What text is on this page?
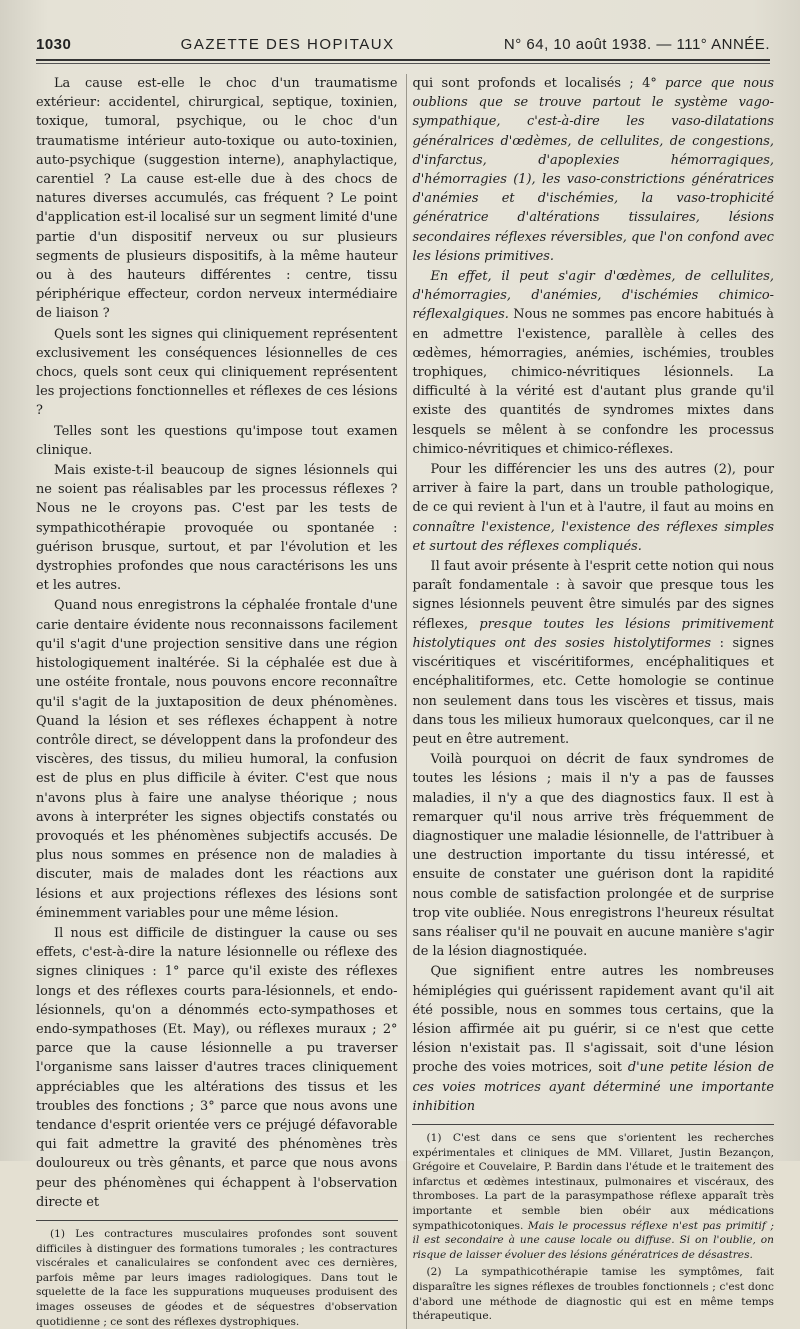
1030	GAZETTE DES HOPITAUX	N° 64, 10 août 1938. — 111° ANNÉE.

La cause est-elle le choc d'un traumatisme extérieur: accidentel, chirurgical, septique, toxinien, toxique, tumoral, psychique, ou le choc d'un traumatisme intérieur auto-toxique ou auto-toxinien, auto-psychique (suggestion interne), anaphylactique, carentiel ? La cause est-elle due à des chocs de natures diverses accumulés, cas fréquent ? Le point d'application est-il localisé sur un segment limité d'une partie d'un dispositif nerveux ou sur plusieurs segments de plusieurs dispositifs, à la même hauteur ou à des hauteurs différentes : centre, tissu périphérique effecteur, cordon nerveux intermédiaire de liaison ?

Quels sont les signes qui cliniquement représentent exclusivement les conséquences lésionnelles de ces chocs, quels sont ceux qui cliniquement représentent les projections fonctionnelles et réflexes de ces lésions ?

Telles sont les questions qu'impose tout examen clinique.

Mais existe-t-il beaucoup de signes lésionnels qui ne soient pas réalisables par les processus réflexes ? Nous ne le croyons pas. C'est par les tests de sympathicothérapie provoquée ou spontanée : guérison brusque, surtout, et par l'évolution et les dystrophies profondes que nous caractérisons les uns et les autres.

Quand nous enregistrons la céphalée frontale d'une carie dentaire évidente nous reconnaissons facilement qu'il s'agit d'une projection sensitive dans une région histologiquement inaltérée. Si la céphalée est due à une ostéite frontale, nous pouvons encore reconnaître qu'il s'agit de la juxtaposition de deux phénomènes. Quand la lésion et ses réflexes échappent à notre contrôle direct, se développent dans la profondeur des viscères, des tissus, du milieu humoral, la confusion est de plus en plus difficile à éviter. C'est que nous n'avons plus à faire une analyse théorique ; nous avons à interpréter les signes objectifs constatés ou provoqués et les phénomènes subjectifs accusés. De plus nous sommes en présence non de maladies à discuter, mais de malades dont les réactions aux lésions et aux projections réflexes des lésions sont éminemment variables pour une même lésion.

Il nous est difficile de distinguer la cause ou ses effets, c'est-à-dire la nature lésionnelle ou réflexe des signes cliniques : 1° parce qu'il existe des réflexes longs et des réflexes courts para-lésionnels, et endo-lésionnels, qu'on a dénommés ecto-sympathoses et endo-sympathoses (Et. May), ou réflexes muraux ; 2° parce que la cause lésionnelle a pu traverser l'organisme sans laisser d'autres traces cliniquement appréciables que les altérations des tissus et les troubles des fonctions ; 3° parce que nous avons une tendance d'esprit orientée vers ce préjugé défavorable qui fait admettre la gravité des phénomènes très douloureux ou très gênants, et parce que nous avons peur des phénomènes qui échappent à l'observation directe et

(1) Les contractures musculaires profondes sont souvent difficiles à distinguer des formations tumorales ; les contractures viscérales et canaliculaires se confondent avec ces dernières, parfois même par leurs images radiologiques. Dans tout le squelette de la face les suppurations muqueuses produisent des images osseuses de géodes et de séquestres d'observation quotidienne ; ce sont des réflexes dystrophiques.

qui sont profonds et localisés ; 4° parce que nous oublions que se trouve partout le système vago-sympathique, c'est-à-dire les vaso-dilatations généralrices d'œdèmes, de cellulites, de congestions, d'infarctus, d'apoplexies hémorragiques, d'hémorragies (1), les vaso-constrictions génératrices d'anémies et d'ischémies, la vaso-trophicité génératrice d'altérations tissulaires, lésions secondaires réflexes réversibles, que l'on confond avec les lésions primitives.

En effet, il peut s'agir d'œdèmes, de cellulites, d'hémorragies, d'anémies, d'ischémies chimico-réflexalgiques. Nous ne sommes pas encore habitués à en admettre l'existence, parallèle à celles des œdèmes, hémorragies, anémies, ischémies, troubles trophiques, chimico-névritiques lésionnels. La difficulté à la vérité est d'autant plus grande qu'il existe des quantités de syndromes mixtes dans lesquels se mêlent à se confondre les processus chimico-névritiques et chimico-réflexes.

Pour les différencier les uns des autres (2), pour arriver à faire la part, dans un trouble pathologique, de ce qui revient à l'un et à l'autre, il faut au moins en connaître l'existence, l'existence des réflexes simples et surtout des réflexes compliqués.

Il faut avoir présente à l'esprit cette notion qui nous paraît fondamentale : à savoir que presque tous les signes lésionnels peuvent être simulés par des signes réflexes, presque toutes les lésions primitivement histolytiques ont des sosies histolytiformes : signes viscéritiques et viscéritiformes, encéphalitiques et encéphalitiformes, etc. Cette homologie se continue non seulement dans tous les viscères et tissus, mais dans tous les milieux humoraux quelconques, car il ne peut en être autrement.

Voilà pourquoi on décrit de faux syndromes de toutes les lésions ; mais il n'y a pas de fausses maladies, il n'y a que des diagnostics faux. Il est à remarquer qu'il nous arrive très fréquemment de diagnostiquer une maladie lésionnelle, de l'attribuer à une destruction importante du tissu intéressé, et ensuite de constater une guérison dont la rapidité nous comble de satisfaction prolongée et de surprise trop vite oubliée. Nous enregistrons l'heureux résultat sans réaliser qu'il ne pouvait en aucune manière s'agir de la lésion diagnostiquée.

Que signifient entre autres les nombreuses hémiplégies qui guérissent rapidement avant qu'il ait été possible, nous en sommes tous certains, que la lésion affirmée ait pu guérir, si ce n'est que cette lésion n'existait pas. Il s'agissait, soit d'une lésion proche des voies motrices, soit d'une petite lésion de ces voies motrices ayant déterminé une importante inhibition

(1) C'est dans ce sens que s'orientent les recherches expérimentales et cliniques de MM. Villaret, Justin Bezançon, Grégoire et Couvelaire, P. Bardin dans l'étude et le traitement des infarctus et œdèmes intestinaux, pulmonaires et viscéraux, des thromboses. La part de la parasympathose réflexe apparaît très importante et semble bien obéir aux médications sympathicotoniques. Mais le processus réflexe n'est pas primitif ; il est secondaire à une cause locale ou diffuse. Si on l'oublie, on risque de laisser évoluer des lésions génératrices de désastres.

(2) La sympathicothérapie tamise les symptômes, fait disparaître les signes réflexes de troubles fonctionnels ; c'est donc d'abord une méthode de diagnostic qui est en même temps thérapeutique.
